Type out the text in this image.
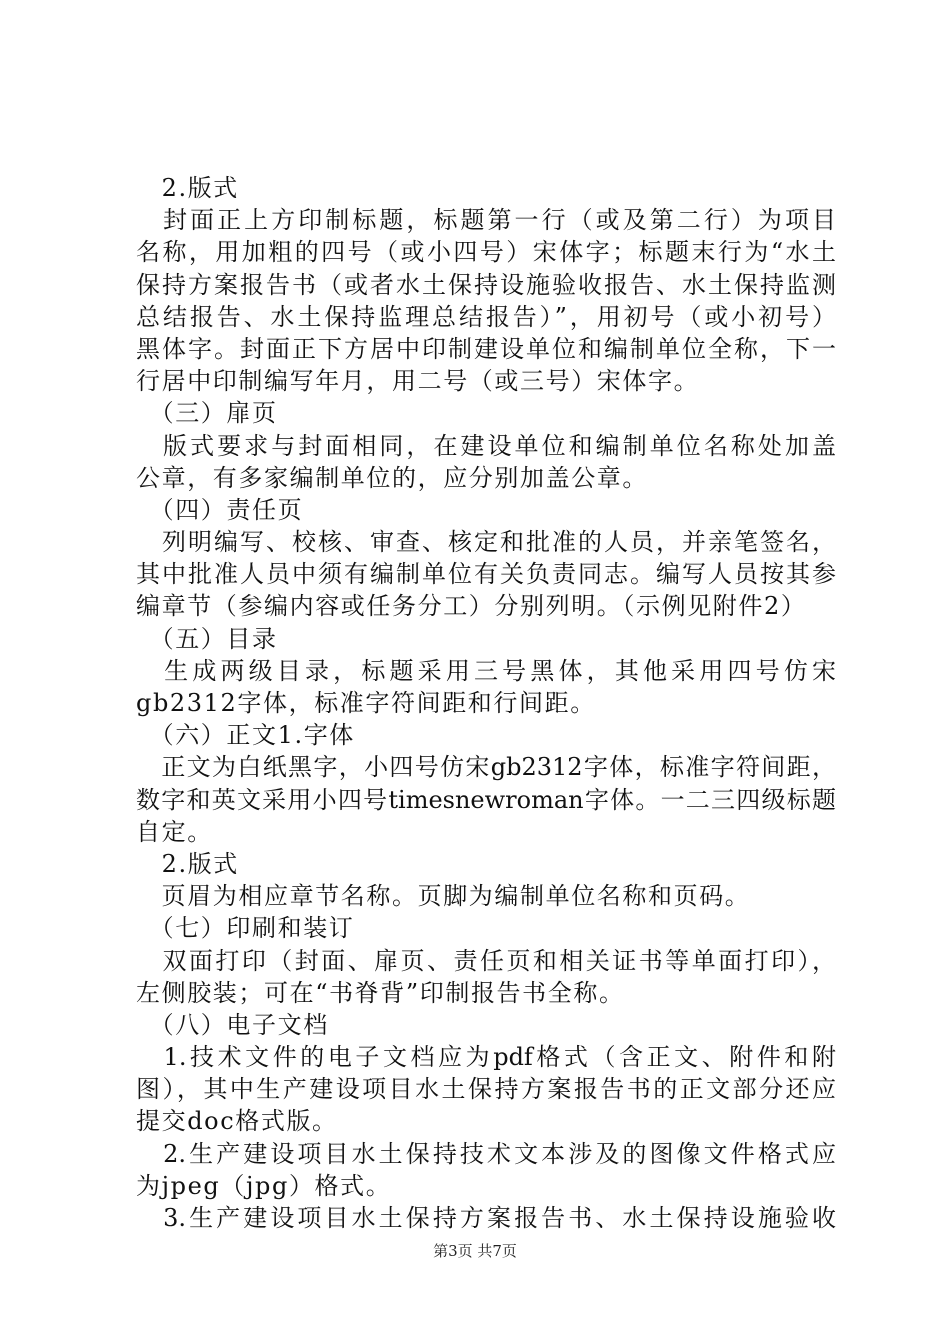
　2.版式
　封面正上方印制标题，标题第一行（或及第二行）为项目
名称，用加粗的四号（或小四号）宋体字；标题末行为“水土
保持方案报告书（或者水土保持设施验收报告、水土保持监测
总结报告、水土保持监理总结报告）”，用初号（或小初号）
黑体字。封面正下方居中印制建设单位和编制单位全称，下一
行居中印制编写年月，用二号（或三号）宋体字。
　（三）扉页
　版式要求与封面相同，在建设单位和编制单位名称处加盖
公章，有多家编制单位的，应分别加盖公章。
　（四）责任页
　列明编写、校核、审查、核定和批准的人员，并亲笔签名，
其中批准人员中须有编制单位有关负责同志。编写人员按其参
编章节（参编内容或任务分工）分别列明。（示例见附件2）
　（五）目录
　生成两级目录，标题采用三号黑体，其他采用四号仿宋
gb2312字体，标准字符间距和行间距。
　（六）正文1.字体
　正文为白纸黑字，小四号仿宋gb2312字体，标准字符间距，
数字和英文采用小四号timesnewroman字体。一二三四级标题
自定。
　2.版式
　页眉为相应章节名称。页脚为编制单位名称和页码。
　（七）印刷和装订
　双面打印（封面、扉页、责任页和相关证书等单面打印），
左侧胶装；可在“书脊背”印制报告书全称。
　（八）电子文档
　1.技术文件的电子文档应为pdf格式（含正文、附件和附
图），其中生产建设项目水土保持方案报告书的正文部分还应
提交doc格式版。
　2.生产建设项目水土保持技术文本涉及的图像文件格式应
为jpeg（jpg）格式。
　3.生产建设项目水土保持方案报告书、水土保持设施验收
第3页 共7页
